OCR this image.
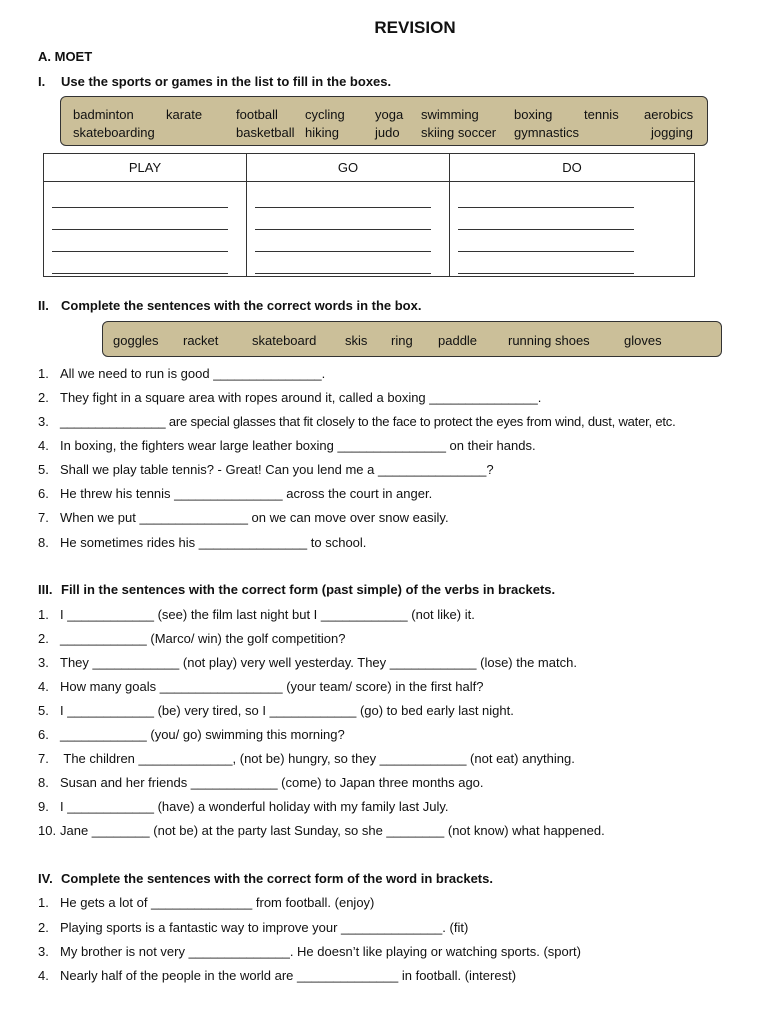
REVISION
A. MOET
I. Use the sports or games in the list to fill in the boxes.
badminton karate	football cycling yoga swimming	boxing tennis aerobics
skateboarding	basketball hiking	judo skiing soccer gymnastics	jogging
PLAY	GO	DO

II. Complete the sentences with the correct words in the box.
goggles racket	skateboard skis ring paddle running shoes	gloves
1. All we need to run is good _______________.
2. They fight in a square area with ropes around it, called a boxing _______________.
3. _______________ are special glasses that fit closely to the face to protect the eyes from wind, dust, water, etc.
4. In boxing, the fighters wear large leather boxing _______________ on their hands.
5. Shall we play table tennis? - Great! Can you lend me a _______________?
6. He threw his tennis _______________ across the court in anger.
7. When we put _______________ on we can move over snow easily.
8. He sometimes rides his _______________ to school.
III. Fill in the sentences with the correct form (past simple) of the verbs in brackets.
1. I ____________ (see) the film last night but I ____________ (not like) it.
2. ____________ (Marco/ win) the golf competition?
3. They ____________ (not play) very well yesterday. They ____________ (lose) the match.
4. How many goals _________________ (your team/ score) in the first half?
5. I ____________ (be) very tired, so I ____________ (go) to bed early last night.
6. ____________ (you/ go) swimming this morning?
7. The children _____________, (not be) hungry, so they ____________ (not eat) anything.
8. Susan and her friends ____________ (come) to Japan three months ago.
9. I ____________ (have) a wonderful holiday with my family last July.
10. Jane ________ (not be) at the party last Sunday, so she ________ (not know) what happened.
IV. Complete the sentences with the correct form of the word in brackets.
1. He gets a lot of ______________ from football. (enjoy)
2. Playing sports is a fantastic way to improve your ______________. (fit)
3. My brother is not very ______________. He doesn’t like playing or watching sports. (sport)
4. Nearly half of the people in the world are ______________ in football. (interest)
